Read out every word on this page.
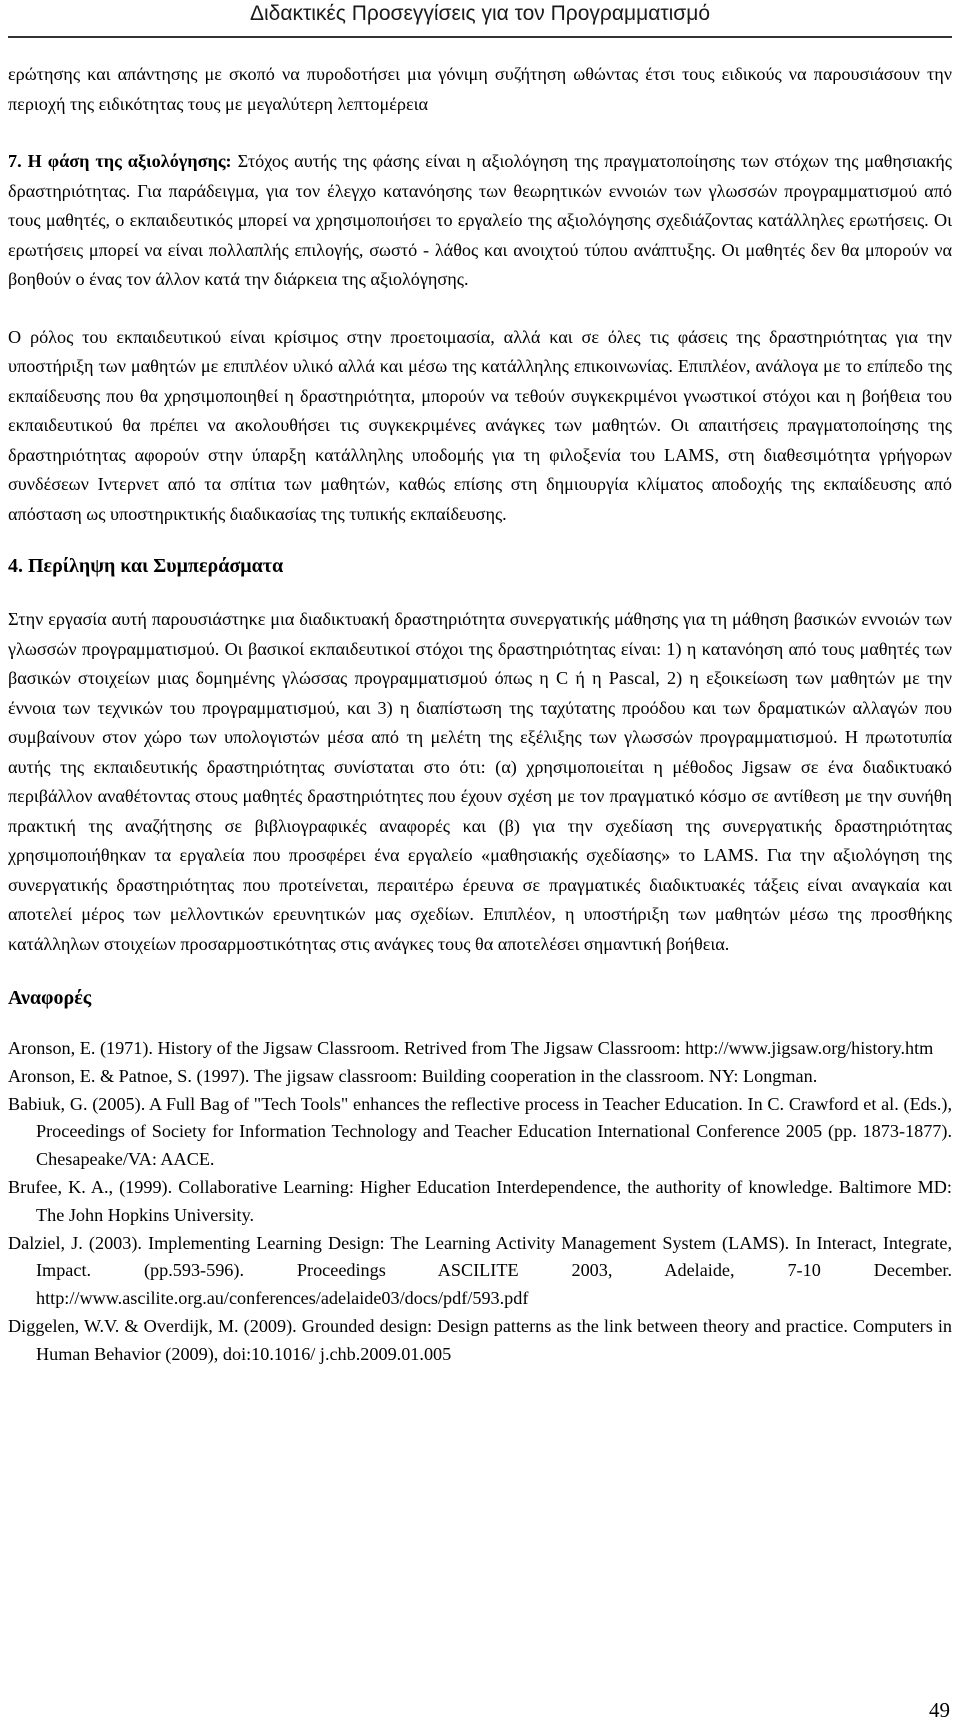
Διδακτικές Προσεγγίσεις για τον Προγραμματισμό

ερώτησης και απάντησης με σκοπό να πυροδοτήσει μια γόνιμη συζήτηση ωθώντας έτσι τους ειδικούς να παρουσιάσουν την περιοχή της ειδικότητας τους με μεγαλύτερη λεπτομέρεια

7. Η φάση της αξιολόγησης: Στόχος αυτής της φάσης είναι η αξιολόγηση της πραγματοποίησης των στόχων της μαθησιακής δραστηριότητας. Για παράδειγμα, για τον έλεγχο κατανόησης των θεωρητικών εννοιών των γλωσσών προγραμματισμού από τους μαθητές, ο εκπαιδευτικός μπορεί να χρησιμοποιήσει το εργαλείο της αξιολόγησης σχεδιάζοντας κατάλληλες ερωτήσεις. Οι ερωτήσεις μπορεί να είναι πολλαπλής επιλογής, σωστό - λάθος και ανοιχτού τύπου ανάπτυξης. Οι μαθητές δεν θα μπορούν να βοηθούν ο ένας τον άλλον κατά την διάρκεια της αξιολόγησης.

Ο ρόλος του εκπαιδευτικού είναι κρίσιμος στην προετοιμασία, αλλά και σε όλες τις φάσεις της δραστηριότητας για την υποστήριξη των μαθητών με επιπλέον υλικό αλλά και μέσω της κατάλληλης επικοινωνίας. Επιπλέον, ανάλογα με το επίπεδο της εκπαίδευσης που θα χρησιμοποιηθεί η δραστηριότητα, μπορούν να τεθούν συγκεκριμένοι γνωστικοί στόχοι και η βοήθεια του εκπαιδευτικού θα πρέπει να ακολουθήσει τις συγκεκριμένες ανάγκες των μαθητών. Οι απαιτήσεις πραγματοποίησης της δραστηριότητας αφορούν στην ύπαρξη κατάλληλης υποδομής για τη φιλοξενία του LAMS, στη διαθεσιμότητα γρήγορων συνδέσεων Ιντερνετ από τα σπίτια των μαθητών, καθώς επίσης στη δημιουργία κλίματος αποδοχής της εκπαίδευσης από απόσταση ως υποστηρικτικής διαδικασίας της τυπικής εκπαίδευσης.

4. Περίληψη και Συμπεράσματα

Στην εργασία αυτή παρουσιάστηκε μια διαδικτυακή δραστηριότητα συνεργατικής μάθησης για τη μάθηση βασικών εννοιών των γλωσσών προγραμματισμού. Οι βασικοί εκπαιδευτικοί στόχοι της δραστηριότητας είναι: 1) η κατανόηση από τους μαθητές των βασικών στοιχείων μιας δομημένης γλώσσας προγραμματισμού όπως η C ή η Pascal, 2) η εξοικείωση των μαθητών με την έννοια των τεχνικών του προγραμματισμού, και 3) η διαπίστωση της ταχύτατης προόδου και των δραματικών αλλαγών που συμβαίνουν στον χώρο των υπολογιστών μέσα από τη μελέτη της εξέλιξης των γλωσσών προγραμματισμού. Η πρωτοτυπία αυτής της εκπαιδευτικής δραστηριότητας συνίσταται στο ότι: (α) χρησιμοποιείται η μέθοδος Jigsaw σε ένα διαδικτυακό περιβάλλον αναθέτοντας στους μαθητές δραστηριότητες που έχουν σχέση με τον πραγματικό κόσμο σε αντίθεση με την συνήθη πρακτική της αναζήτησης σε βιβλιογραφικές αναφορές και (β) για την σχεδίαση της συνεργατικής δραστηριότητας χρησιμοποιήθηκαν τα εργαλεία που προσφέρει ένα εργαλείο «μαθησιακής σχεδίασης» το LAMS. Για την αξιολόγηση της συνεργατικής δραστηριότητας που προτείνεται, περαιτέρω έρευνα σε πραγματικές διαδικτυακές τάξεις είναι αναγκαία και αποτελεί μέρος των μελλοντικών ερευνητικών μας σχεδίων. Επιπλέον, η υποστήριξη των μαθητών μέσω της προσθήκης κατάλληλων στοιχείων προσαρμοστικότητας στις ανάγκες τους θα αποτελέσει σημαντική βοήθεια.

Αναφορές
Aronson, E. (1971). History of the Jigsaw Classroom. Retrived from The Jigsaw Classroom: http://www.jigsaw.org/history.htm
Aronson, E. & Patnoe, S. (1997). The jigsaw classroom: Building cooperation in the classroom. NY: Longman.
Babiuk, G. (2005). A Full Bag of "Tech Tools" enhances the reflective process in Teacher Education. In C. Crawford et al. (Eds.), Proceedings of Society for Information Technology and Teacher Education International Conference 2005 (pp. 1873-1877). Chesapeake/VA: AACE.
Brufee, K. A., (1999). Collaborative Learning: Higher Education Interdependence, the authority of knowledge. Baltimore MD: The John Hopkins University.
Dalziel, J. (2003). Implementing Learning Design: The Learning Activity Management System (LAMS). In Interact, Integrate, Impact. (pp.593-596). Proceedings ASCILITE 2003, Adelaide, 7-10 December. http://www.ascilite.org.au/conferences/adelaide03/docs/pdf/593.pdf
Diggelen, W.V. & Overdijk, M. (2009). Grounded design: Design patterns as the link between theory and practice. Computers in Human Behavior (2009), doi:10.1016/ j.chb.2009.01.005
49
